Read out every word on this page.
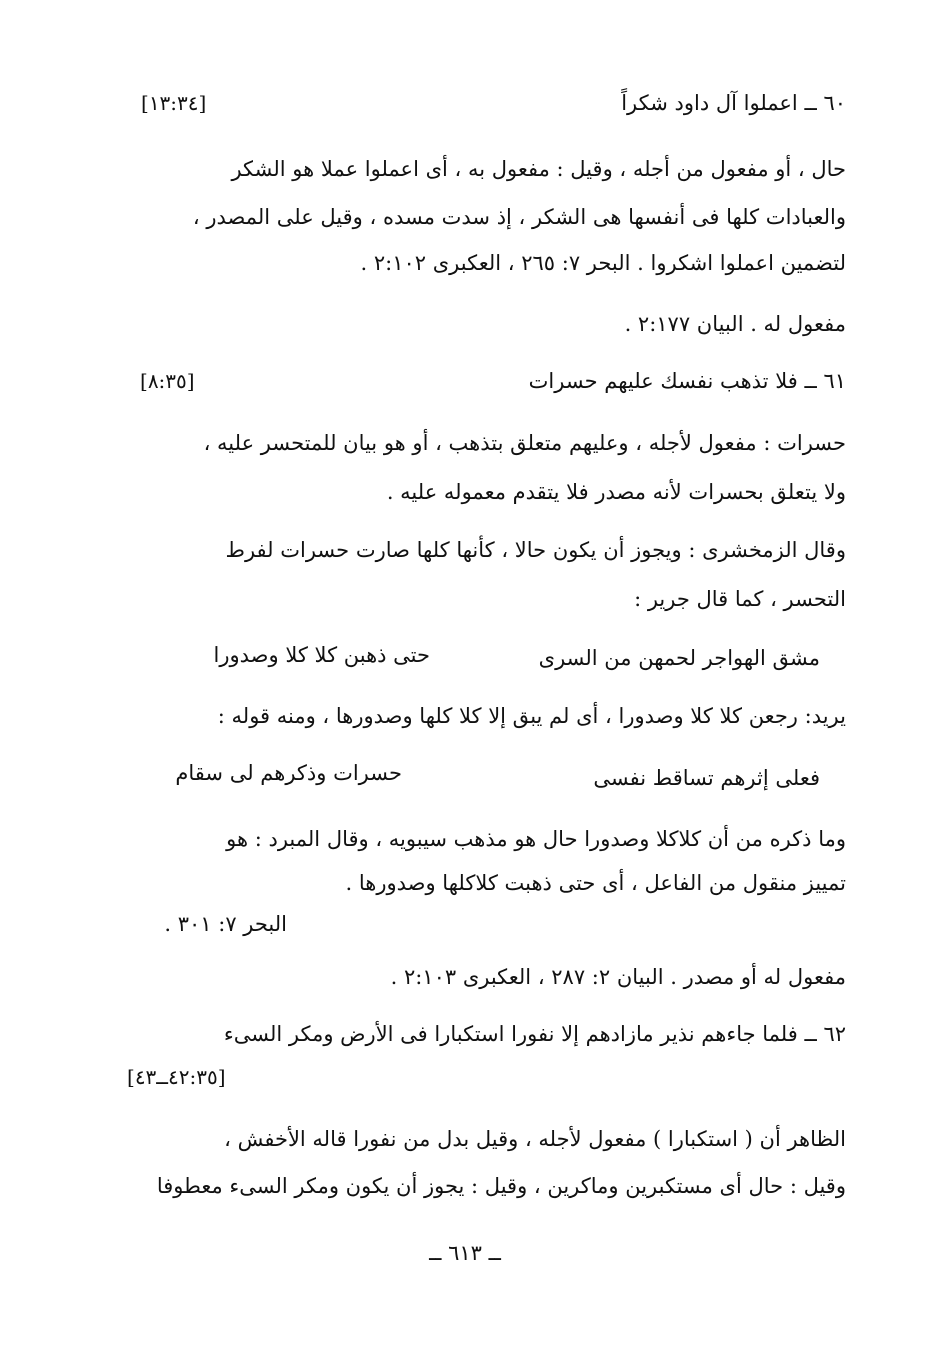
٦٠ ــ اعملوا آل داود شكراً
[١٣:٣٤]
حال ، أو مفعول من أجله ، وقيل : مفعول به ، أى اعملوا عملا هو الشكر
والعبادات كلها فى أنفسها هى الشكر ، إذ سدت مسده ، وقيل على المصدر ،
لتضمين اعملوا اشكروا . البحر ٧: ٢٦٥ ، العكبرى ٢:١٠٢ .
مفعول له . البيان ٢:١٧٧ .
٦١ ــ فلا تذهب نفسك عليهم حسرات
[٨:٣٥]
حسرات : مفعول لأجله ، وعليهم متعلق بتذهب ، أو هو بيان للمتحسر عليه ،
ولا يتعلق بحسرات لأنه مصدر فلا يتقدم معموله عليه .
وقال الزمخشرى : ويجوز أن يكون حالا ، كأنها كلها صارت حسرات لفرط
التحسر ، كما قال جرير :
مشق الهواجر لحمهن من السرى
حتى ذهبن كلا كلا وصدورا
يريد: رجعن كلا كلا وصدورا ، أى لم يبق إلا كلا كلها وصدورها ، ومنه قوله :
فعلى إثرهم تساقط نفسى
حسرات وذكرهم لى سقام
وما ذكره من أن كلاكلا وصدورا حال هو مذهب سيبويه ، وقال المبرد : هو
تمييز منقول من الفاعل ، أى حتى ذهبت كلاكلها وصدورها .
البحر ٧: ٣٠١ .
مفعول له أو مصدر . البيان ٢: ٢٨٧ ، العكبرى ٢:١٠٣ .
٦٢ ــ فلما جاءهم نذير مازادهم إلا نفورا استكبارا فى الأرض ومكر السىء
[٤٢:٣٥ــ٤٣]
الظاهر أن ( استكبارا ) مفعول لأجله ، وقيل بدل من نفورا قاله الأخفش ،
وقيل : حال أى مستكبرين وماكرين ، وقيل : يجوز أن يكون ومكر السىء معطوفا
ــ ٦١٣ ــ
